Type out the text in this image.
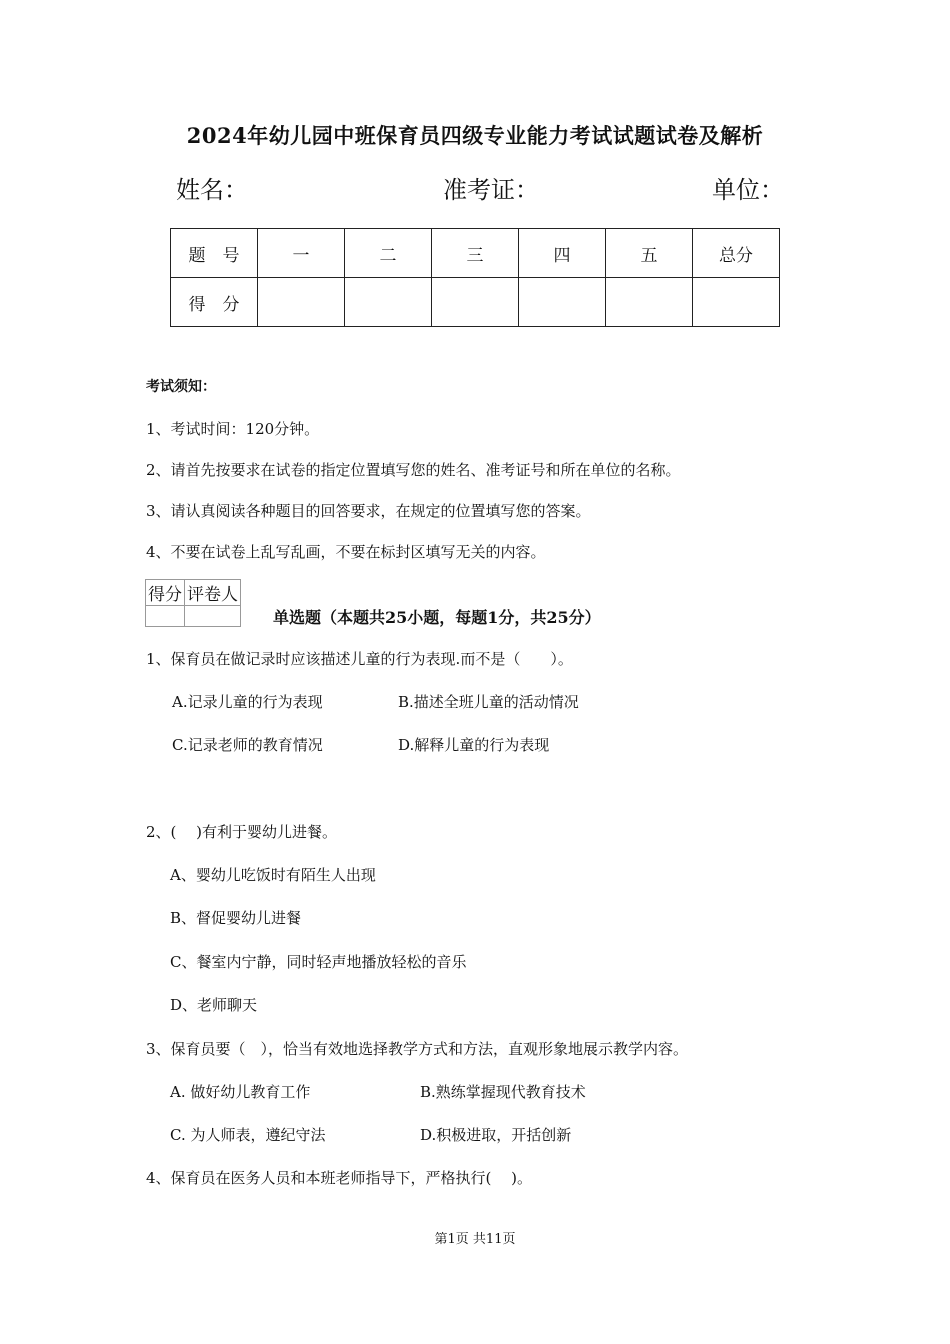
2024年幼儿园中班保育员四级专业能力考试试题试卷及解析
姓名：	准考证：	单位：
题　号	一	二	三	四	五	总分
得　分						
考试须知：
1、考试时间：120分钟。
2、请首先按要求在试卷的指定位置填写您的姓名、准考证号和所在单位的名称。
3、请认真阅读各种题目的回答要求，在规定的位置填写您的答案。
4、不要在试卷上乱写乱画，不要在标封区填写无关的内容。
得分	评卷人

单选题（本题共25小题，每题1分，共25分）
1、保育员在做记录时应该描述儿童的行为表现.而不是（　　）。
A.记录儿童的行为表现	B.描述全班儿童的活动情况
C.记录老师的教育情况	D.解释儿童的行为表现
2、(　 )有利于婴幼儿进餐。
A、婴幼儿吃饭时有陌生人出现
B、督促婴幼儿进餐
C、餐室内宁静，同时轻声地播放轻松的音乐
D、老师聊天
3、保育员要（　），恰当有效地选择教学方式和方法，直观形象地展示教学内容。
A. 做好幼儿教育工作	B.熟练掌握现代教育技术
C. 为人师表，遵纪守法	D.积极进取，开括创新
4、保育员在医务人员和本班老师指导下，严格执行(　 )。
第1页 共11页
